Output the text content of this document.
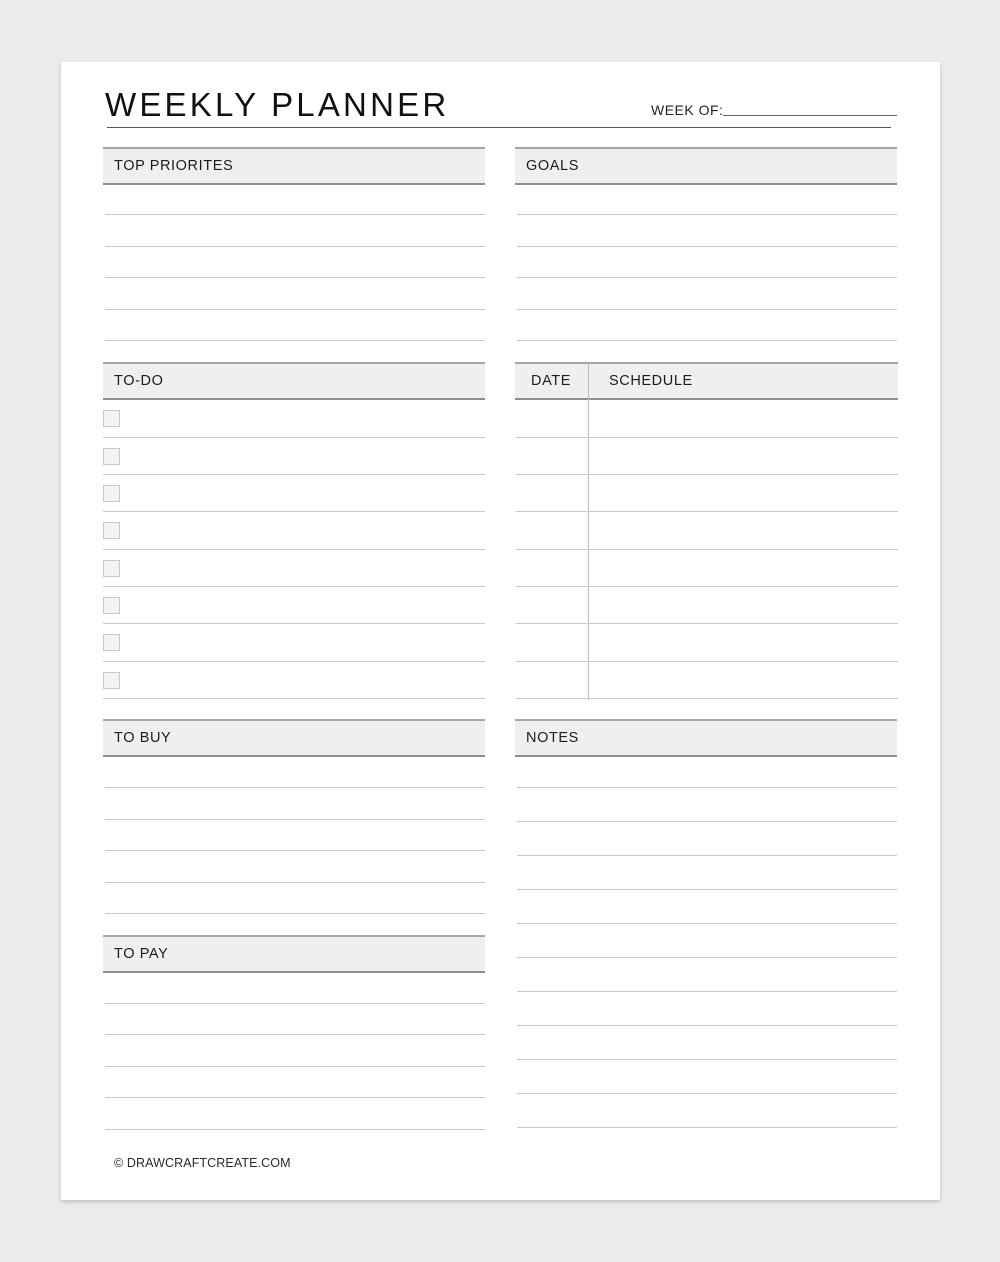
WEEKLY PLANNER	WEEK OF:
TOP PRIORITES	GOALS
TO-DO	DATE	SCHEDULE
TO BUY
TO PAY
NOTES
© DRAWCRAFTCREATE.COM
